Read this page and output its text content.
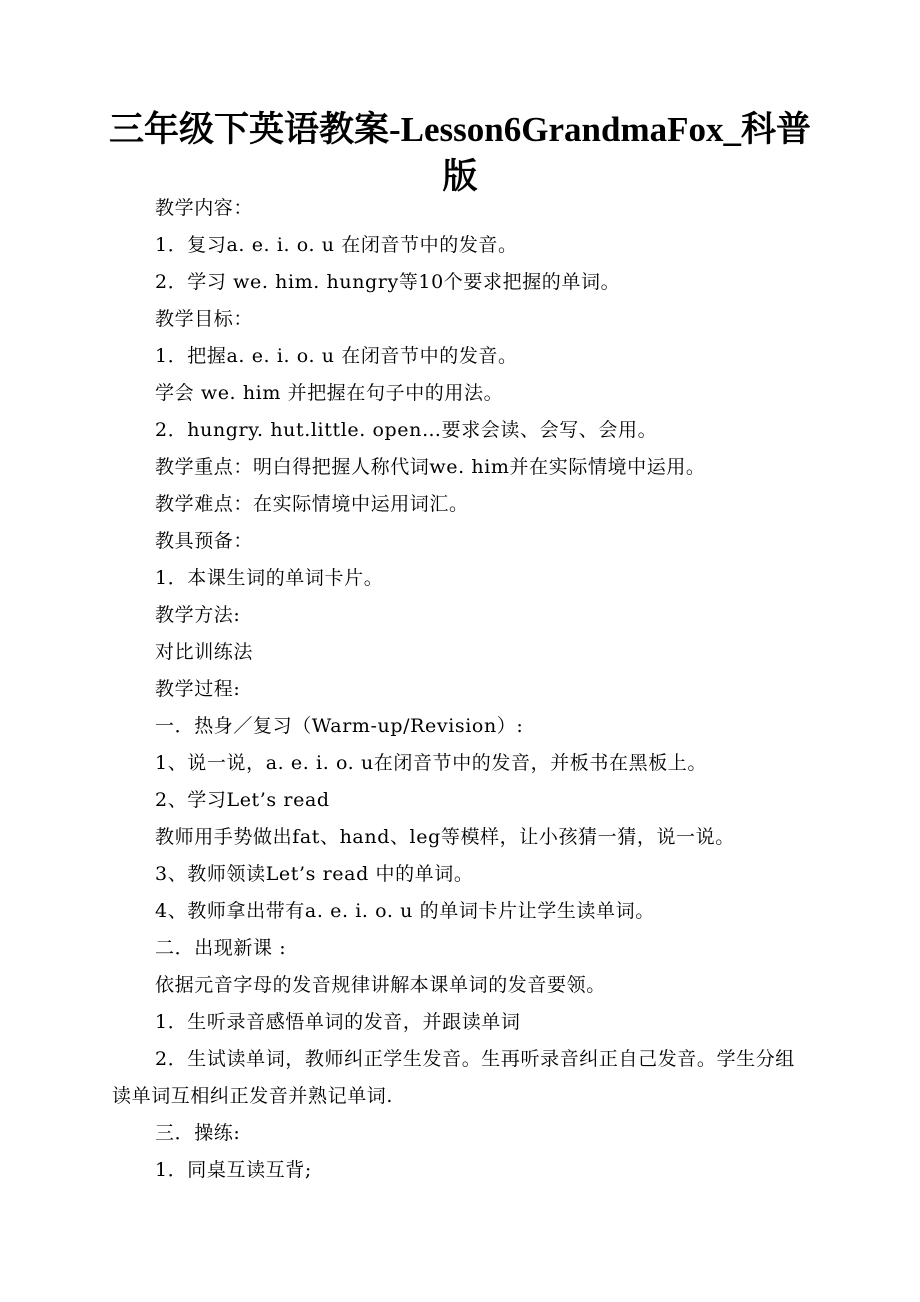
三年级下英语教案-Lesson6GrandmaFox_科普版

教学内容：

1．复习a. e. i. o. u 在闭音节中的发音。

2．学习 we. him. hungry等10个要求把握的单词。

教学目标：

1．把握a. e. i. o. u 在闭音节中的发音。

学会 we. him 并把握在句子中的用法。

2．hungry. hut.little. open…要求会读、会写、会用。

教学重点：明白得把握人称代词we. him并在实际情境中运用。

教学难点：在实际情境中运用词汇。

教具预备：

1．本课生词的单词卡片。

教学方法:

对比训练法

教学过程:

一．热身／复习（Warm-up/Revision）:

1、说一说，a. e. i. o. u在闭音节中的发音，并板书在黑板上。

2、学习Let’s read

教师用手势做出fat、hand、leg等模样，让小孩猜一猜，说一说。

3、教师领读Let’s read 中的单词。

4、教师拿出带有a. e. i. o. u 的单词卡片让学生读单词。

二．出现新课 :

依据元音字母的发音规律讲解本课单词的发音要领。

1．生听录音感悟单词的发音，并跟读单词

2．生试读单词，教师纠正学生发音。生再听录音纠正自己发音。学生分组读单词互相纠正发音并熟记单词.

三．操练:

1．同桌互读互背;
